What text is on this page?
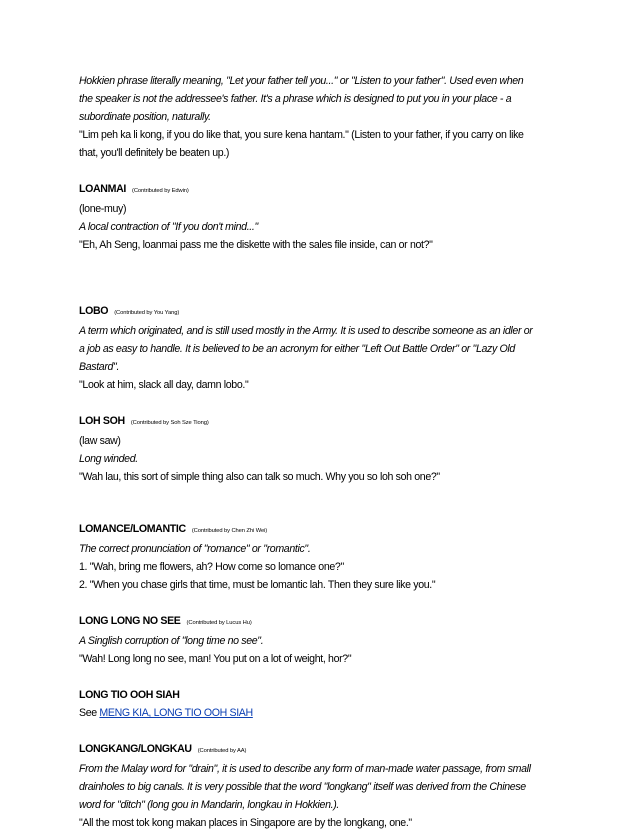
Hokkien phrase literally meaning, "Let your father tell you..." or "Listen to your father". Used even when
the speaker is not the addressee's father. It's a phrase which is designed to put you in your place - a
subordinate position, naturally.
"Lim peh ka li kong, if you do like that, you sure kena hantam." (Listen to your father, if you carry on like
that, you'll definitely be beaten up.)
LOANMAI (Contributed by Edwin)
(lone-muy)
A local contraction of "If you don't mind..."
"Eh, Ah Seng, loanmai pass me the diskette with the sales file inside, can or not?"
LOBO (Contributed by You Yang)
A term which originated, and is still used mostly in the Army. It is used to describe someone as an idler or
a job as easy to handle. It is believed to be an acronym for either "Left Out Battle Order" or "Lazy Old
Bastard".
"Look at him, slack all day, damn lobo."
LOH SOH (Contributed by Soh Sze Tiong)
(law saw)
Long winded.
"Wah lau, this sort of simple thing also can talk so much. Why you so loh soh one?"
LOMANCE/LOMANTIC (Contributed by Chen Zhi Wei)
The correct pronunciation of "romance" or "romantic".
1. "Wah, bring me flowers, ah? How come so lomance one?"
2. "When you chase girls that time, must be lomantic lah. Then they sure like you."
LONG LONG NO SEE (Contributed by Lucus Hu)
A Singlish corruption of "long time no see".
"Wah! Long long no see, man! You put on a lot of weight, hor?"
LONG TIO OOH SIAH
See MENG KIA, LONG TIO OOH SIAH
LONGKANG/LONGKAU (Contributed by AA)
From the Malay word for "drain", it is used to describe any form of man-made water passage, from small
drainholes to big canals. It is very possible that the word "longkang" itself was derived from the Chinese
word for "ditch" (long gou in Mandarin, longkau in Hokkien.).
"All the most tok kong makan places in Singapore are by the longkang, one."
